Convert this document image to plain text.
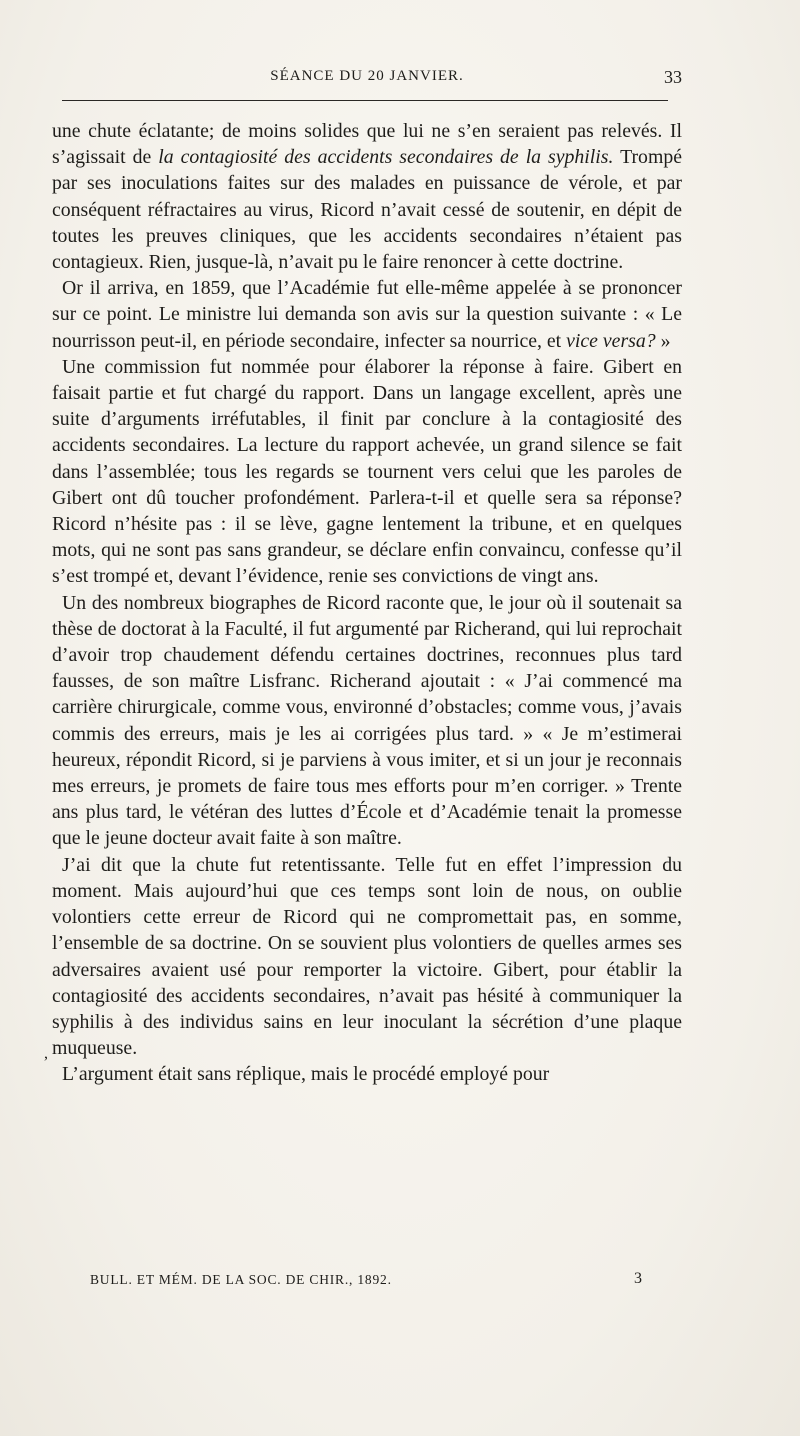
SÉANCE DU 20 JANVIER.	33

une chute éclatante; de moins solides que lui ne s’en seraient pas relevés. Il s’agissait de la contagiosité des accidents secondaires de la syphilis. Trompé par ses inoculations faites sur des malades en puissance de vérole, et par conséquent réfractaires au virus, Ricord n’avait cessé de soutenir, en dépit de toutes les preuves cliniques, que les accidents secondaires n’étaient pas contagieux. Rien, jusque-là, n’avait pu le faire renoncer à cette doctrine.

Or il arriva, en 1859, que l’Académie fut elle-même appelée à se prononcer sur ce point. Le ministre lui demanda son avis sur la question suivante : « Le nourrisson peut-il, en période secondaire, infecter sa nourrice, et vice versa? »

Une commission fut nommée pour élaborer la réponse à faire. Gibert en faisait partie et fut chargé du rapport. Dans un langage excellent, après une suite d’arguments irréfutables, il finit par conclure à la contagiosité des accidents secondaires. La lecture du rapport achevée, un grand silence se fait dans l’assemblée; tous les regards se tournent vers celui que les paroles de Gibert ont dû toucher profondément. Parlera-t-il et quelle sera sa réponse? Ricord n’hésite pas : il se lève, gagne lentement la tribune, et en quelques mots, qui ne sont pas sans grandeur, se déclare enfin convaincu, confesse qu’il s’est trompé et, devant l’évidence, renie ses convictions de vingt ans.

Un des nombreux biographes de Ricord raconte que, le jour où il soutenait sa thèse de doctorat à la Faculté, il fut argumenté par Richerand, qui lui reprochait d’avoir trop chaudement défendu certaines doctrines, reconnues plus tard fausses, de son maître Lisfranc. Richerand ajoutait : « J’ai commencé ma carrière chirurgicale, comme vous, environné d’obstacles; comme vous, j’avais commis des erreurs, mais je les ai corrigées plus tard. » « Je m’estimerai heureux, répondit Ricord, si je parviens à vous imiter, et si un jour je reconnais mes erreurs, je promets de faire tous mes efforts pour m’en corriger. » Trente ans plus tard, le vétéran des luttes d’École et d’Académie tenait la promesse que le jeune docteur avait faite à son maître.

J’ai dit que la chute fut retentissante. Telle fut en effet l’impression du moment. Mais aujourd’hui que ces temps sont loin de nous, on oublie volontiers cette erreur de Ricord qui ne compromettait pas, en somme, l’ensemble de sa doctrine. On se souvient plus volontiers de quelles armes ses adversaires avaient usé pour remporter la victoire. Gibert, pour établir la contagiosité des accidents secondaires, n’avait pas hésité à communiquer la syphilis à des individus sains en leur inoculant la sécrétion d’une plaque muqueuse.

L’argument était sans réplique, mais le procédé employé pour

,
BULL. ET MÉM. DE LA SOC. DE CHIR., 1892.	3
